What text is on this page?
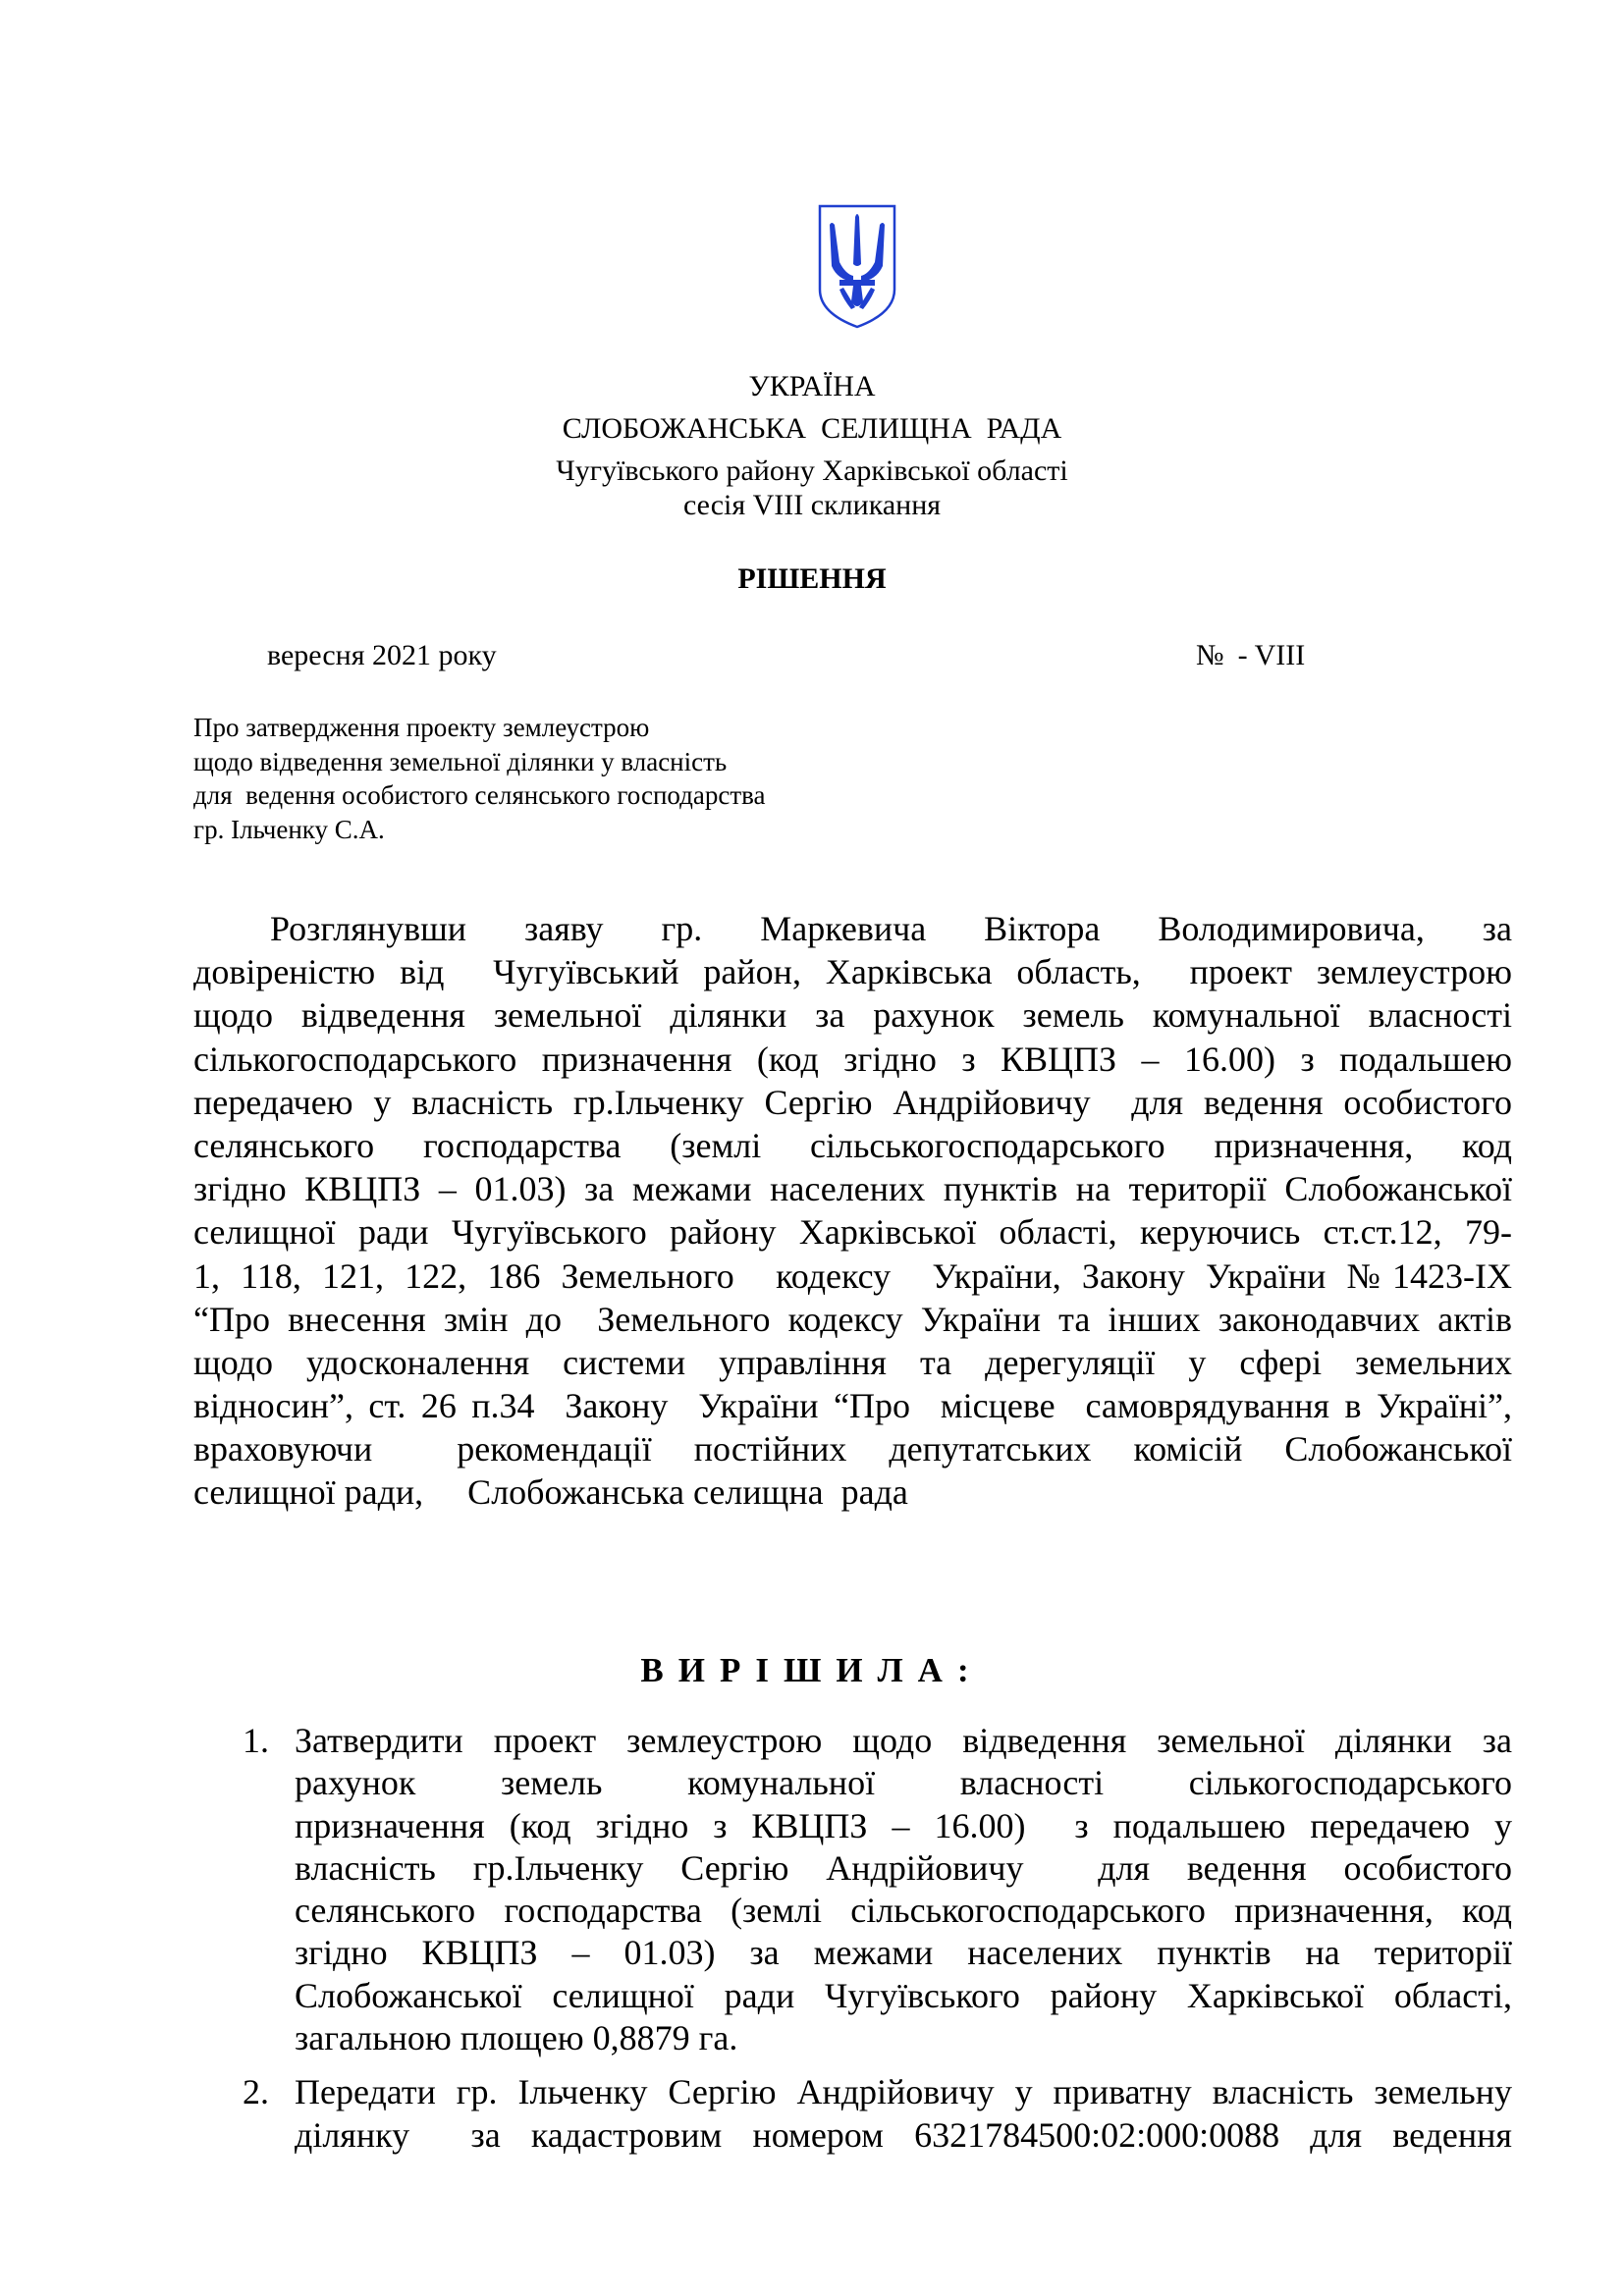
УКРАЇНА
СЛОБОЖАНСЬКА  СЕЛИЩНА  РАДА
Чугуївського району Харківської області
сесія VIII скликання
РІШЕННЯ
вересня 2021 року	№ - VIII
Про затвердження проекту землеустрою
щодо відведення земельної ділянки у власність
для  ведення особистого селянського господарства
гр. Ільченку С.А.
Розглянувши заяву гр. Маркевича Віктора Володимировича, за
довіреністю від  Чугуївський район, Харківська область,  проект землеустрою
щодо відведення земельної ділянки за рахунок земель комунальної власності
сількогосподарського призначення (код згідно з КВЦПЗ – 16.00) з подальшею
передачею у власність гр.Ільченку Сергію Андрійовичу  для ведення особистого
селянського господарства (землі сільськогосподарського призначення, код
згідно КВЦПЗ – 01.03) за межами населених пунктів на території Слобожанської
селищної ради Чугуївського району Харківської області, керуючись ст.ст.12, 79-
1, 118, 121, 122, 186 Земельного  кодексу  України, Закону України №1423-IX
“Про внесення змін до  Земельного кодексу України та інших законодавчих актів
щодо удосконалення системи управління та дерегуляції у сфері земельних
відносин”, ст. 26 п.34  Закону  України “Про  місцеве  самоврядування в Україні”,
враховуючи  рекомендації постійних депутатських комісій Слобожанської
селищної ради,     Слобожанська селищна  рада
ВИРІШИЛА:
1. Затвердити проект землеустрою щодо відведення земельної ділянки за
рахунок земель комунальної власності сількогосподарського
призначення (код згідно з КВЦПЗ – 16.00)  з подальшею передачею у
власність гр.Ільченку Сергію Андрійовичу  для ведення особистого
селянського господарства (землі сільськогосподарського призначення, код
згідно КВЦПЗ – 01.03) за межами населених пунктів на території
Слобожанської селищної ради Чугуївського району Харківської області,
загальною площею 0,8879 га.
2. Передати гр. Ільченку Сергію Андрійовичу у приватну власність земельну
ділянку  за кадастровим номером 6321784500:02:000:0088 для ведення
